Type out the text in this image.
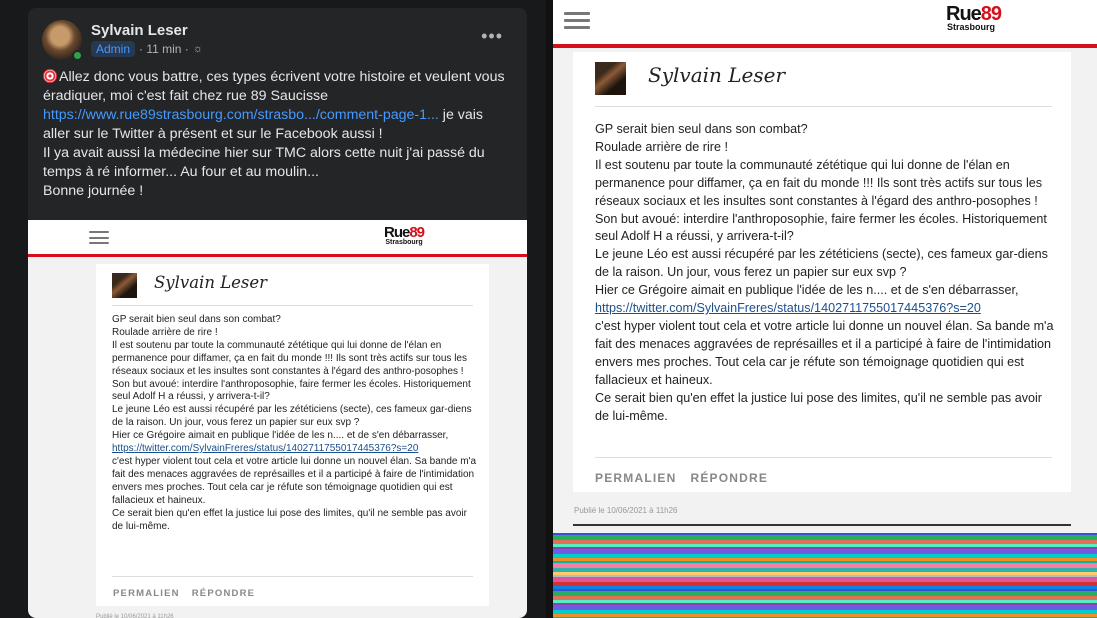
Sylvain Leser
Admin · 11 min · ☼
•••
Allez donc vous battre, ces types écrivent votre histoire et veulent vous éradiquer, moi c'est fait chez rue 89 Saucisse
https://www.rue89strasbourg.com/strasbo.../comment-page-1... je vais aller sur le Twitter à présent et sur le Facebook aussi !
Il ya avait aussi la médecine hier sur TMC alors cette nuit j'ai passé du temps à ré informer... Au four et au moulin...
Bonne journée !
Rue89
Strasbourg
Sylvain Leser
GP serait bien seul dans son combat?
Roulade arrière de rire !
Il est soutenu par toute la communauté zététique qui lui donne de l'élan en permanence pour diffamer, ça en fait du monde !!! Ils sont très actifs sur tous les réseaux sociaux et les insultes sont constantes à l'égard des anthro-posophes !
Son but avoué: interdire l'anthroposophie, faire fermer les écoles. Historiquement seul Adolf H a réussi, y arrivera-t-il?
Le jeune Léo est aussi récupéré par les zététiciens (secte), ces fameux gar-diens de la raison. Un jour, vous ferez un papier sur eux svp ?
Hier ce Grégoire aimait en publique l'idée de les n.... et de s'en débarrasser,
https://twitter.com/SylvainFreres/status/1402711755017445376?s=20
c'est hyper violent tout cela et votre article lui donne un nouvel élan. Sa bande m'a fait des menaces aggravées de représailles et il a participé à faire de l'intimidation envers mes proches. Tout cela car je réfute son témoignage quotidien qui est fallacieux et haineux.
Ce serait bien qu'en effet la justice lui pose des limites, qu'il ne semble pas avoir de lui-même.
PERMALIEN RÉPONDRE
Publié le 10/06/2021 à 11h26
Rue89
Strasbourg
Sylvain Leser
GP serait bien seul dans son combat?
Roulade arrière de rire !
Il est soutenu par toute la communauté zététique qui lui donne de l'élan en permanence pour diffamer, ça en fait du monde !!! Ils sont très actifs sur tous les réseaux sociaux et les insultes sont constantes à l'égard des anthro-posophes !
Son but avoué: interdire l'anthroposophie, faire fermer les écoles. Historiquement seul Adolf H a réussi, y arrivera-t-il?
Le jeune Léo est aussi récupéré par les zététiciens (secte), ces fameux gar-diens de la raison. Un jour, vous ferez un papier sur eux svp ?
Hier ce Grégoire aimait en publique l'idée de les n.... et de s'en débarrasser,
https://twitter.com/SylvainFreres/status/1402711755017445376?s=20
c'est hyper violent tout cela et votre article lui donne un nouvel élan. Sa bande m'a fait des menaces aggravées de représailles et il a participé à faire de l'intimidation envers mes proches. Tout cela car je réfute son témoignage quotidien qui est fallacieux et haineux.
Ce serait bien qu'en effet la justice lui pose des limites, qu'il ne semble pas avoir de lui-même.
PERMALIEN RÉPONDRE
Publié le 10/06/2021 à 11h26
